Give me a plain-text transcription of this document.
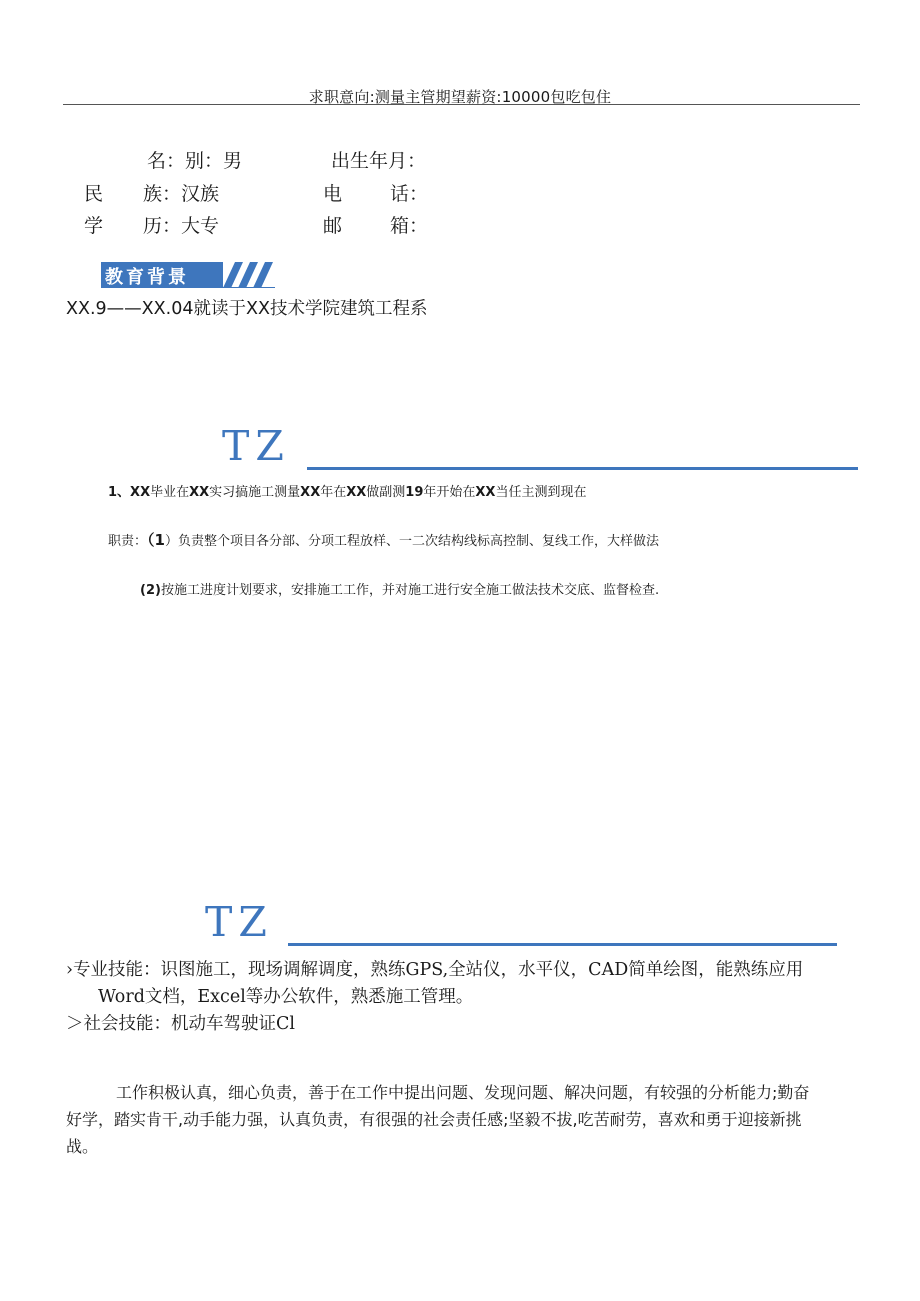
求职意向:测量主管期望薪资:10000包吃包住
名：别：男	出生年月：
民 族：汉族	电	话：
学 历：大专	邮	箱：
教育背景
XX.9——XX.04就读于XX技术学院建筑工程系
TZ
1、XX毕业在XX实习搞施工测量XX年在XX做副测19年开始在XX当任主测到现在
职责：（1）负责整个项目各分部、分项工程放样、一二次结构线标高控制、复线工作，大样做法
(2)按施工进度计划要求，安排施工工作，并对施工进行安全施工做法技术交底、监督检查.
TZ
›专业技能：识图施工，现场调解调度，熟练GPS,全站仪，水平仪，CAD简单绘图，能熟练应用
Word文档，Excel等办公软件，熟悉施工管理。
＞社会技能：机动车驾驶证Cl
工作积极认真，细心负责，善于在工作中提出问题、发现问题、解决问题，有较强的分析能力;勤奋
好学，踏实肯干,动手能力强，认真负责，有很强的社会责任感;坚毅不拔,吃苦耐劳，喜欢和勇于迎接新挑
战。
